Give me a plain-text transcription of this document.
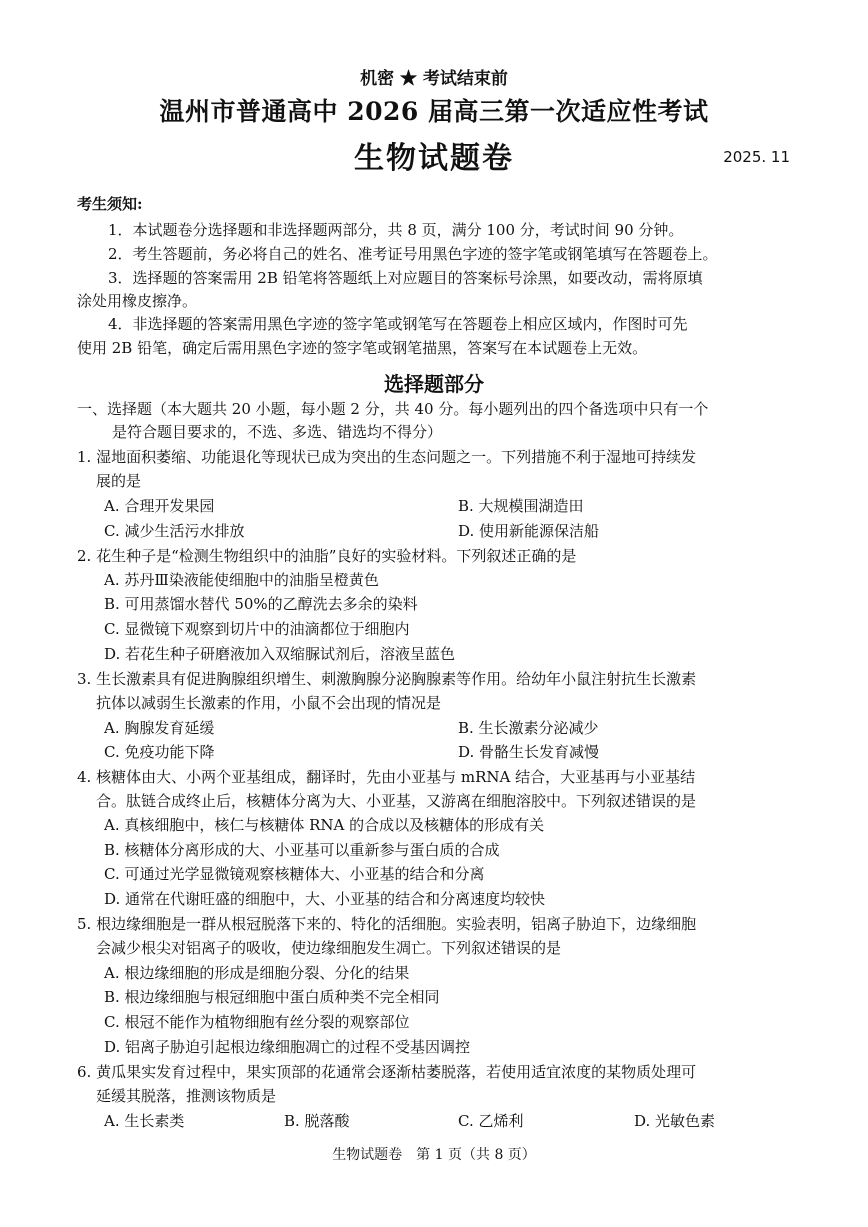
机密 ★ 考试结束前
温州市普通高中 2026 届高三第一次适应性考试
生物试题卷	2025. 11
考生须知:
1．本试题卷分选择题和非选择题两部分，共 8 页，满分 100 分，考试时间 90 分钟。
2．考生答题前，务必将自己的姓名、准考证号用黑色字迹的签字笔或钢笔填写在答题卷上。
3．选择题的答案需用 2B 铅笔将答题纸上对应题目的答案标号涂黑，如要改动，需将原填
涂处用橡皮擦净。
4．非选择题的答案需用黑色字迹的签字笔或钢笔写在答题卷上相应区域内，作图时可先
使用 2B 铅笔，确定后需用黑色字迹的签字笔或钢笔描黑，答案写在本试题卷上无效。
选择题部分
一、选择题（本大题共 20 小题，每小题 2 分，共 40 分。每小题列出的四个备选项中只有一个
是符合题目要求的，不选、多选、错选均不得分）
1. 湿地面积萎缩、功能退化等现状已成为突出的生态问题之一。下列措施不利于湿地可持续发
展的是
A. 合理开发果园	B. 大规模围湖造田
C. 减少生活污水排放	D. 使用新能源保洁船
2. 花生种子是“检测生物组织中的油脂”良好的实验材料。下列叙述正确的是
A. 苏丹Ⅲ染液能使细胞中的油脂呈橙黄色
B. 可用蒸馏水替代 50%的乙醇洗去多余的染料
C. 显微镜下观察到切片中的油滴都位于细胞内
D. 若花生种子研磨液加入双缩脲试剂后，溶液呈蓝色
3. 生长激素具有促进胸腺组织增生、刺激胸腺分泌胸腺素等作用。给幼年小鼠注射抗生长激素
抗体以减弱生长激素的作用，小鼠不会出现的情况是
A. 胸腺发育延缓	B. 生长激素分泌减少
C. 免疫功能下降	D. 骨骼生长发育减慢
4. 核糖体由大、小两个亚基组成，翻译时，先由小亚基与 mRNA 结合，大亚基再与小亚基结
合。肽链合成终止后，核糖体分离为大、小亚基，又游离在细胞溶胶中。下列叙述错误的是
A. 真核细胞中，核仁与核糖体 RNA 的合成以及核糖体的形成有关
B. 核糖体分离形成的大、小亚基可以重新参与蛋白质的合成
C. 可通过光学显微镜观察核糖体大、小亚基的结合和分离
D. 通常在代谢旺盛的细胞中，大、小亚基的结合和分离速度均较快
5. 根边缘细胞是一群从根冠脱落下来的、特化的活细胞。实验表明，铝离子胁迫下，边缘细胞
会减少根尖对铝离子的吸收，使边缘细胞发生凋亡。下列叙述错误的是
A. 根边缘细胞的形成是细胞分裂、分化的结果
B. 根边缘细胞与根冠细胞中蛋白质种类不完全相同
C. 根冠不能作为植物细胞有丝分裂的观察部位
D. 铝离子胁迫引起根边缘细胞凋亡的过程不受基因调控
6. 黄瓜果实发育过程中，果实顶部的花通常会逐渐枯萎脱落，若使用适宜浓度的某物质处理可
延缓其脱落，推测该物质是
A. 生长素类	B. 脱落酸	C. 乙烯利	D. 光敏色素
生物试题卷　第 1 页（共 8 页）
